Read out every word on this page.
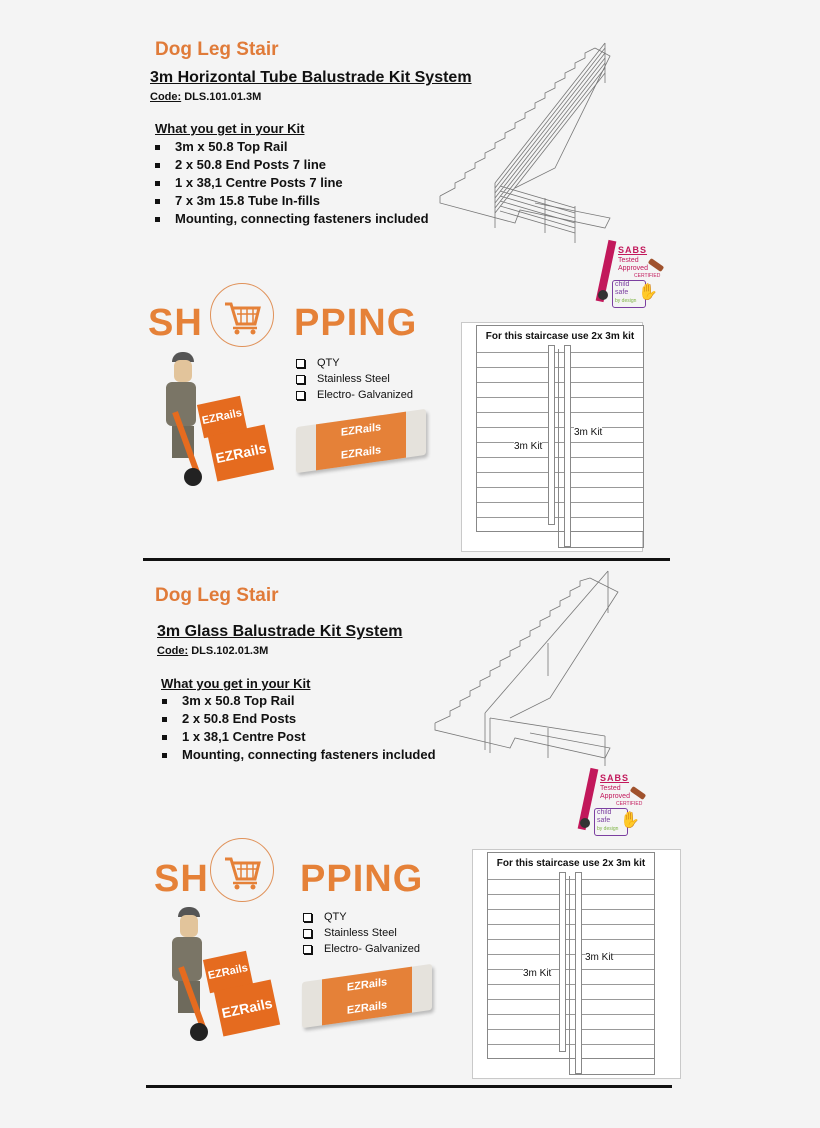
Dog Leg Stair
3m Horizontal Tube Balustrade Kit System
Code: DLS.101.01.3M
What you get in your Kit
3m x 50.8 Top Rail
2 x 50.8 End Posts 7 line
1 x 38,1 Centre Posts 7 line
7 x 3m 15.8 Tube In-fills
Mounting, connecting fasteners included
SABS
Tested
Approved
CERTIFIED
child
safe
by design ✋
SH PPING
QTY
Stainless Steel
Electro- Galvanized
EZRails
EZRails
EZRails
EZRails
For this staircase use 2x 3m kit
3m Kit
3m Kit
Dog Leg Stair
3m Glass Balustrade Kit System
Code: DLS.102.01.3M
What you get in your Kit
3m x 50.8 Top Rail
2 x 50.8 End Posts
1 x 38,1 Centre Post
Mounting, connecting fasteners included
SABS
Tested
Approved
CERTIFIED
child
safe
by design ✋
SH PPING
QTY
Stainless Steel
Electro- Galvanized
EZRails
EZRails
EZRails
EZRails
For this staircase use 2x 3m kit
3m Kit
3m Kit
